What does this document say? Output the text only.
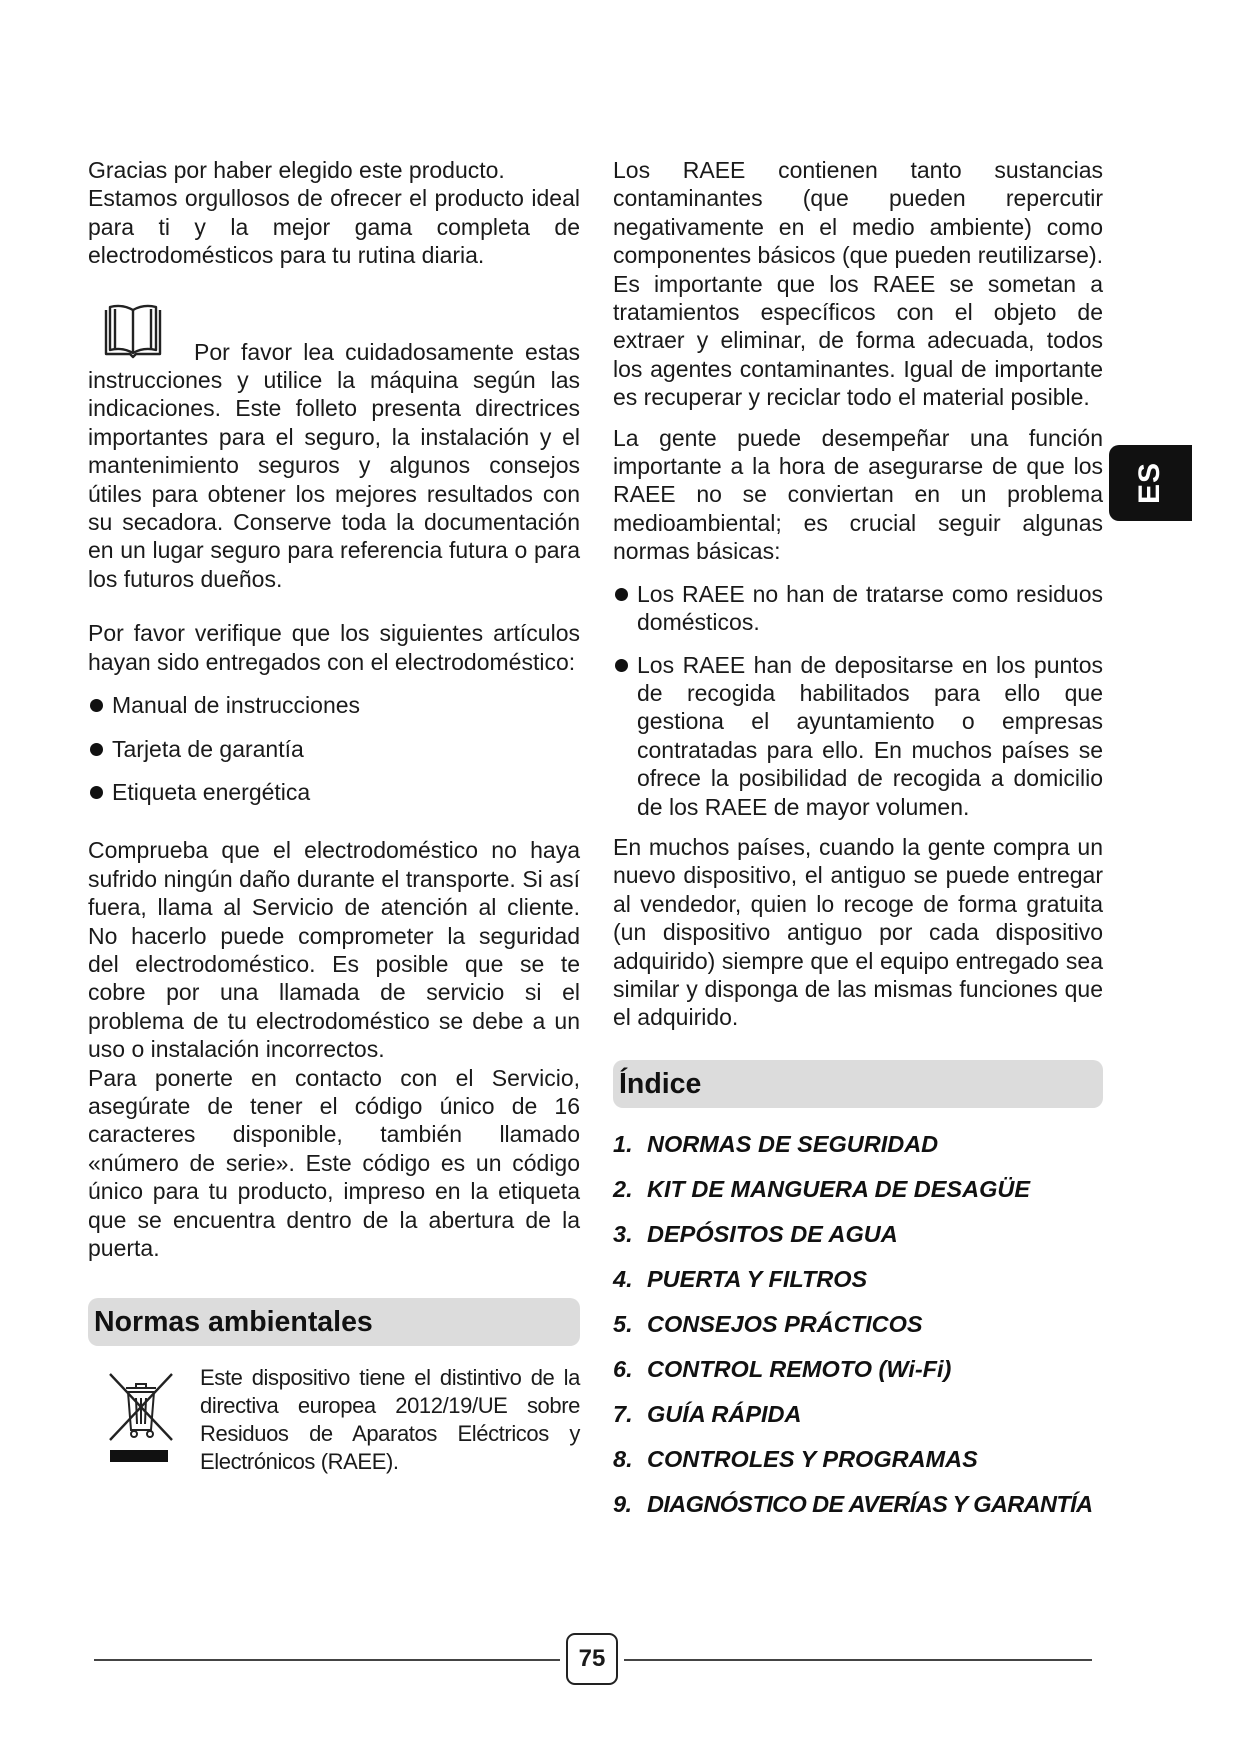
Gracias por haber elegido este producto.

Estamos orgullosos de ofrecer el producto ideal para ti y la mejor gama completa de electrodomésticos para tu rutina diaria.

Por favor lea cuidadosamente estas instrucciones y utilice la máquina según las indicaciones. Este folleto presenta directrices importantes para el seguro, la instalación y el mantenimiento seguros y algunos consejos útiles para obtener los mejores resultados con su secadora. Conserve toda la documentación en un lugar seguro para referencia futura o para los futuros dueños.

Por favor verifique que los siguientes artículos hayan sido entregados con el electrodoméstico:

Manual de instrucciones
Tarjeta de garantía
Etiqueta energética

Comprueba que el electrodoméstico no haya sufrido ningún daño durante el transporte. Si así fuera, llama al Servicio de atención al cliente. No hacerlo puede comprometer la seguridad del electrodoméstico. Es posible que se te cobre por una llamada de servicio si el problema de tu electrodoméstico se debe a un uso o instalación incorrectos.

Para ponerte en contacto con el Servicio, asegúrate de tener el código único de 16 caracteres disponible, también llamado «número de serie». Este código es un código único para tu producto, impreso en la etiqueta que se encuentra dentro de la abertura de la puerta.

Normas ambientales
Este dispositivo tiene el distintivo de la directiva europea 2012/19/UE sobre Residuos de Aparatos Eléctricos y Electrónicos (RAEE).

Los RAEE contienen tanto sustancias contaminantes (que pueden repercutir negativamente en el medio ambiente) como componentes básicos (que pueden reutilizarse). Es importante que los RAEE se sometan a tratamientos específicos con el objeto de extraer y eliminar, de forma adecuada, todos los agentes contaminantes. Igual de importante es recuperar y reciclar todo el material posible.

La gente puede desempeñar una función importante a la hora de asegurarse de que los RAEE no se conviertan en un problema medioambiental; es crucial seguir algunas normas básicas:

Los RAEE no han de tratarse como residuos domésticos.
Los RAEE han de depositarse en los puntos de recogida habilitados para ello que gestiona el ayuntamiento o empresas contratadas para ello. En muchos países se ofrece la posibilidad de recogida a domicilio de los RAEE de mayor volumen.

En muchos países, cuando la gente compra un nuevo dispositivo, el antiguo se puede entregar al vendedor, quien lo recoge de forma gratuita (un dispositivo antiguo por cada dispositivo adquirido) siempre que el equipo entregado sea similar y disponga de las mismas funciones que el adquirido.

Índice
1. NORMAS DE SEGURIDAD
2. KIT DE MANGUERA DE DESAGÜE
3. DEPÓSITOS DE AGUA
4. PUERTA Y FILTROS
5. CONSEJOS PRÁCTICOS
6. CONTROL REMOTO (Wi-Fi)
7. GUÍA RÁPIDA
8. CONTROLES Y PROGRAMAS
9. DIAGNÓSTICO DE AVERÍAS Y GARANTÍA
ES
75
